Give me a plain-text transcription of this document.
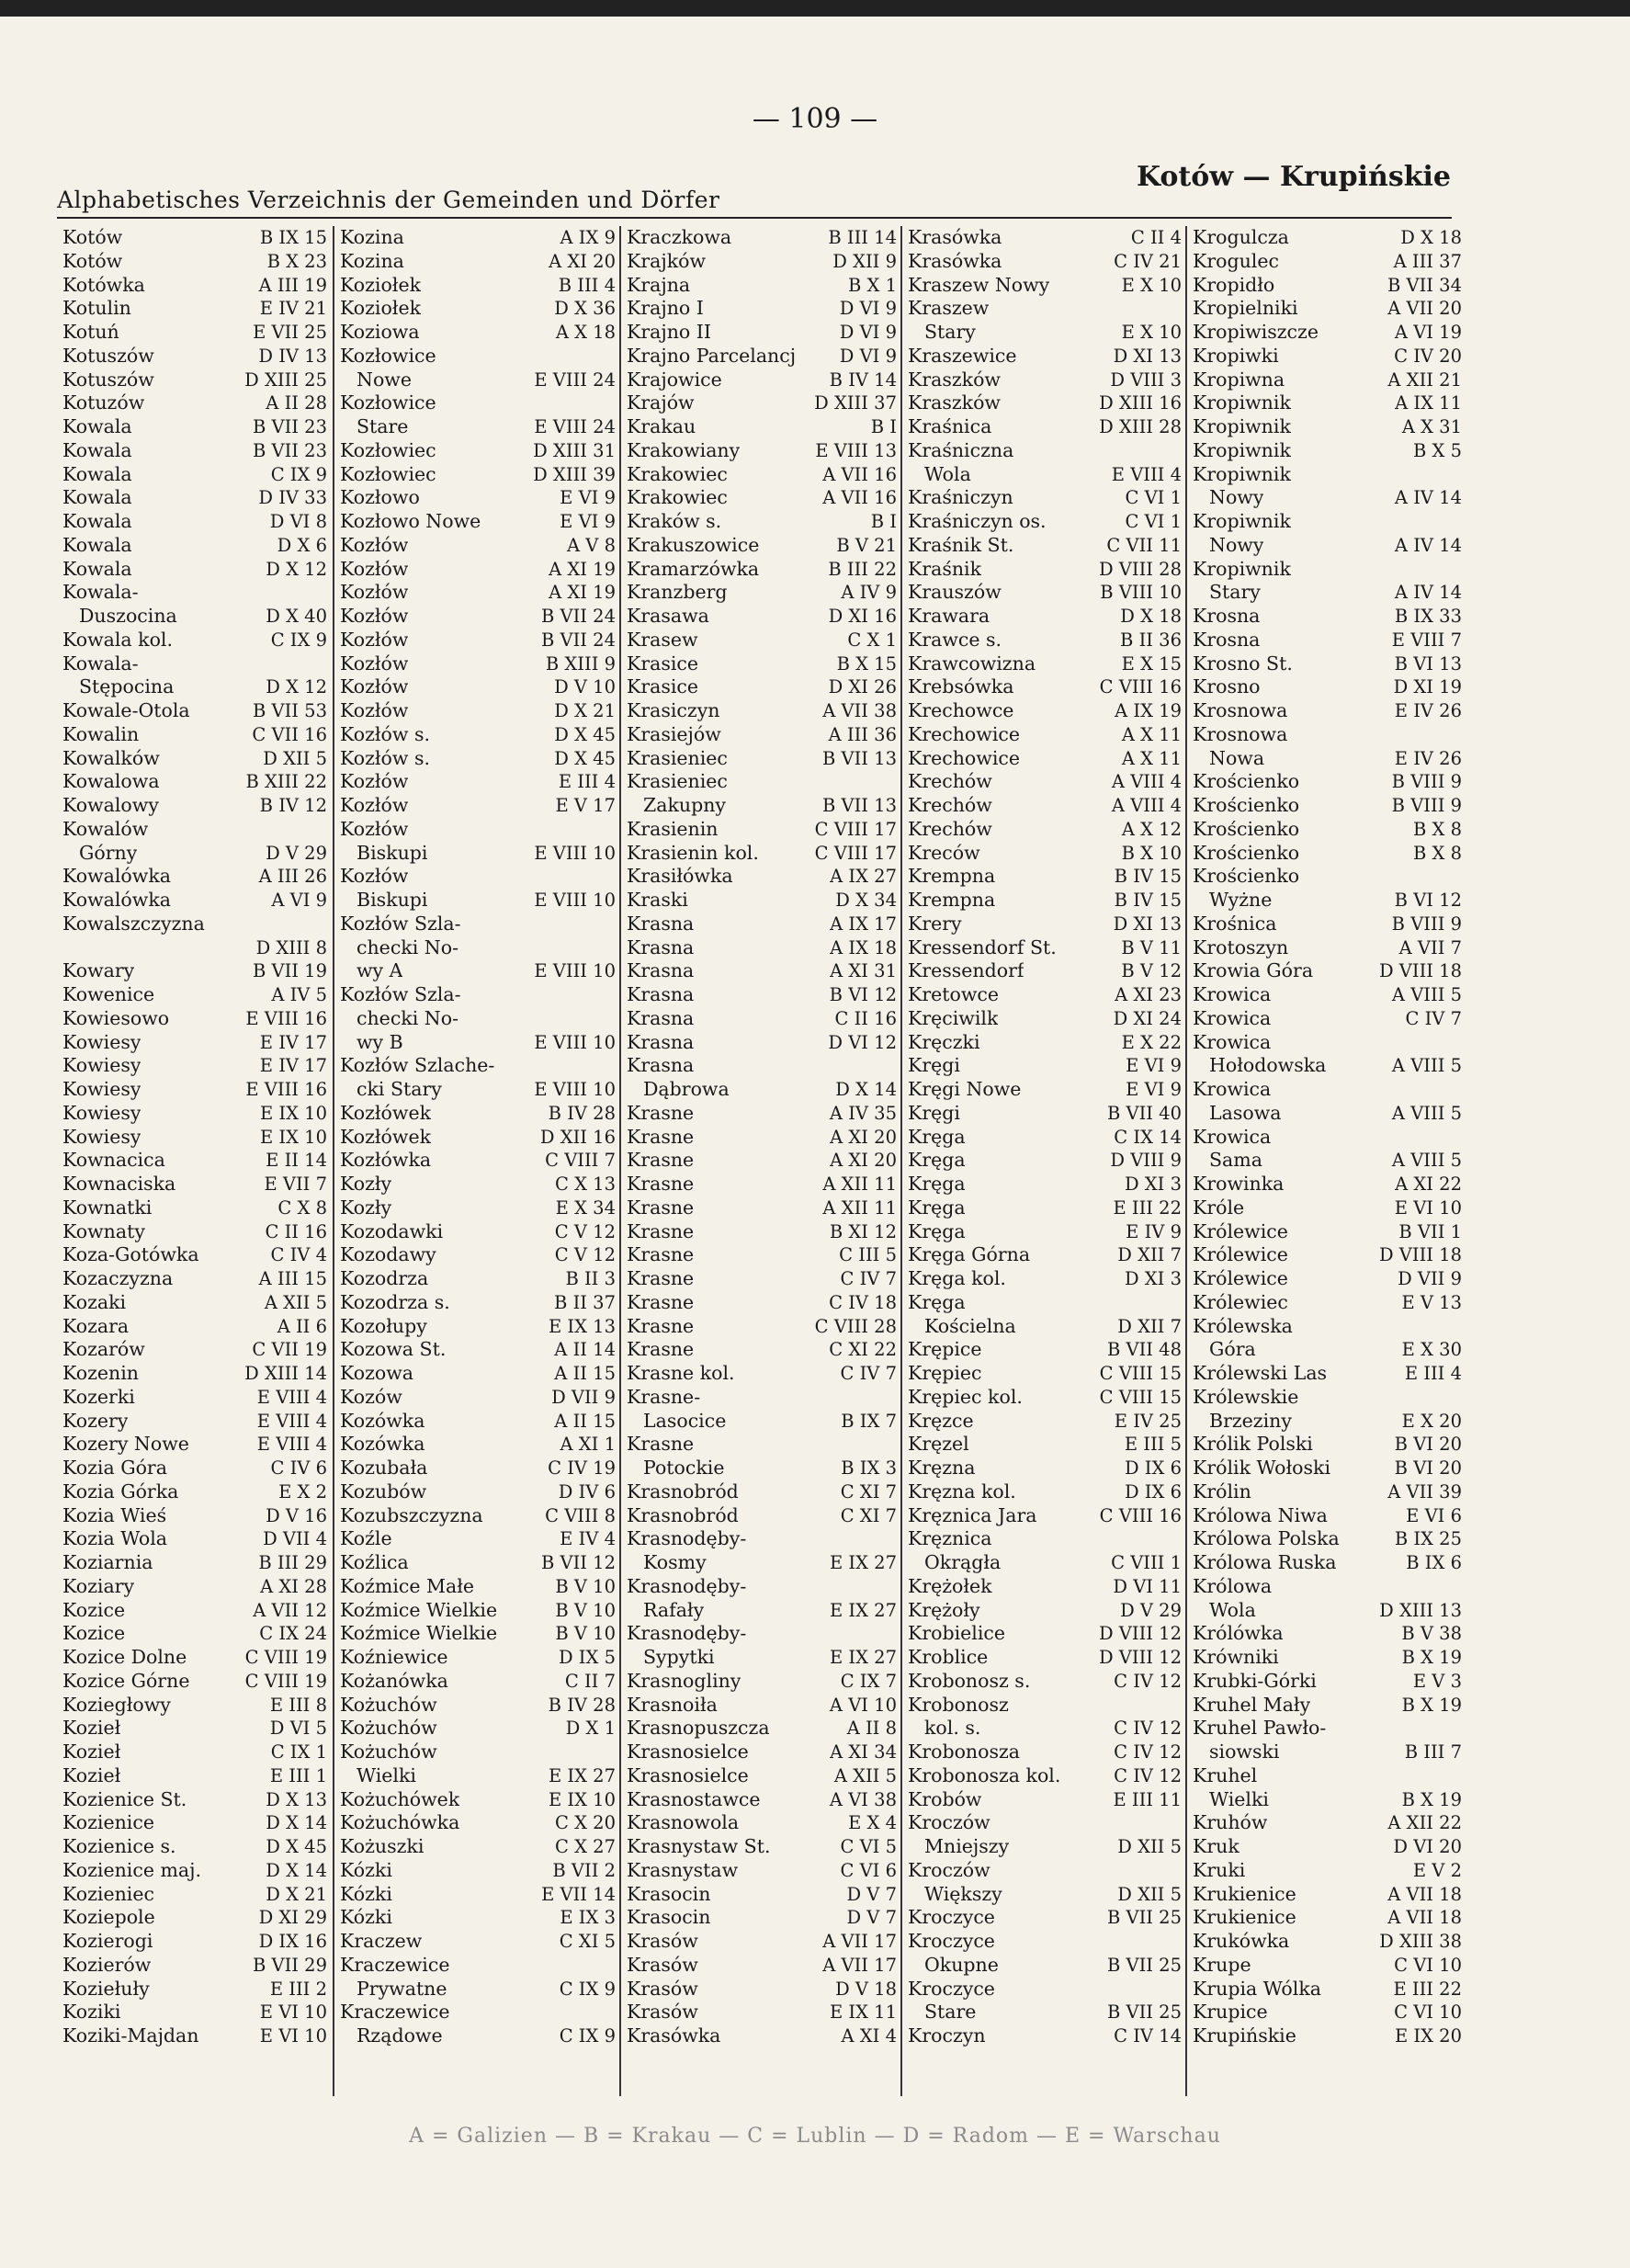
— 109 —
Alphabetisches Verzeichnis der Gemeinden und Dörfer
Kotów — Krupińskie
Kotów	B IX 15
Kotów	B X 23
Kotówka	A III 19
Kotulin	E IV 21
Kotuń	E VII 25
Kotuszów	D IV 13
Kotuszów	D XIII 25
Kotuzów	A II 28
Kowala	B VII 23
Kowala	B VII 23
Kowala	C IX 9
Kowala	D IV 33
Kowala	D VI 8
Kowala	D X 6
Kowala	D X 12
Kowala-
Duszocina	D X 40
Kowala kol.	C IX 9
Kowala-
Stępocina	D X 12
Kowale-Otola	B VII 53
Kowalin	C VII 16
Kowalków	D XII 5
Kowalowa	B XIII 22
Kowalowy	B IV 12
Kowalów
Górny	D V 29
Kowalówka	A III 26
Kowalówka	A VI 9
Kowalszczyzna
D XIII 8
Kowary	B VII 19
Kowenice	A IV 5
Kowiesowo	E VIII 16
Kowiesy	E IV 17
Kowiesy	E IV 17
Kowiesy	E VIII 16
Kowiesy	E IX 10
Kowiesy	E IX 10
Kownacica	E II 14
Kownaciska	E VII 7
Kownatki	C X 8
Kownaty	C II 16
Koza-Gotówka	C IV 4
Kozaczyzna	A III 15
Kozaki	A XII 5
Kozara	A II 6
Kozarów	C VII 19
Kozenin	D XIII 14
Kozerki	E VIII 4
Kozery	E VIII 4
Kozery Nowe	E VIII 4
Kozia Góra	C IV 6
Kozia Górka	E X 2
Kozia Wieś	D V 16
Kozia Wola	D VII 4
Koziarnia	B III 29
Koziary	A XI 28
Kozice	A VII 12
Kozice	C IX 24
Kozice Dolne	C VIII 19
Kozice Górne	C VIII 19
Koziegłowy	E III 8
Kozieł	D VI 5
Kozieł	C IX 1
Kozieł	E III 1
Kozienice St.	D X 13
Kozienice	D X 14
Kozienice s.	D X 45
Kozienice maj.	D X 14
Kozieniec	D X 21
Koziepole	D XI 29
Kozierogi	D IX 16
Kozierów	B VII 29
Koziełuły	E III 2
Koziki	E VI 10
Koziki-Majdan	E VI 10
Kozina	A IX 9
Kozina	A XI 20
Koziołek	B III 4
Koziołek	D X 36
Koziowa	A X 18
Kozłowice
Nowe	E VIII 24
Kozłowice
Stare	E VIII 24
Kozłowiec	D XIII 31
Kozłowiec	D XIII 39
Kozłowo	E VI 9
Kozłowo Nowe	E VI 9
Kozłów	A V 8
Kozłów	A XI 19
Kozłów	A XI 19
Kozłów	B VII 24
Kozłów	B VII 24
Kozłów	B XIII 9
Kozłów	D V 10
Kozłów	D X 21
Kozłów s.	D X 45
Kozłów s.	D X 45
Kozłów	E III 4
Kozłów	E V 17
Kozłów
Biskupi	E VIII 10
Kozłów
Biskupi	E VIII 10
Kozłów Szla-
checki No-
wy A	E VIII 10
Kozłów Szla-
checki No-
wy B	E VIII 10
Kozłów Szlache-
cki Stary	E VIII 10
Kozłówek	B IV 28
Kozłówek	D XII 16
Kozłówka	C VIII 7
Kozły	C X 13
Kozły	E X 34
Kozodawki	C V 12
Kozodawy	C V 12
Kozodrza	B II 3
Kozodrza s.	B II 37
Kozołupy	E IX 13
Kozowa St.	A II 14
Kozowa	A II 15
Kozów	D VII 9
Kozówka	A II 15
Kozówka	A XI 1
Kozubała	C IV 19
Kozubów	D IV 6
Kozubszczyzna	C VIII 8
Koźle	E IV 4
Koźlica	B VII 12
Koźmice Małe	B V 10
Koźmice Wielkie	B V 10
Koźmice Wielkie	B V 10
Koźniewice	D IX 5
Kożanówka	C II 7
Kożuchów	B IV 28
Kożuchów	D X 1
Kożuchów
Wielki	E IX 27
Kożuchówek	E IX 10
Kożuchówka	C X 20
Kożuszki	C X 27
Kózki	B VII 2
Kózki	E VII 14
Kózki	E IX 3
Kraczew	C XI 5
Kraczewice
Prywatne	C IX 9
Kraczewice
Rządowe	C IX 9
Kraczkowa	B III 14
Krajków	D XII 9
Krajna	B X 1
Krajno I	D VI 9
Krajno II	D VI 9
Krajno Parcelancj D VI 9
Krajowice	B IV 14
Krajów	D XIII 37
Krakau	B I
Krakowiany	E VIII 13
Krakowiec	A VII 16
Krakowiec	A VII 16
Kraków s.	B I
Krakuszowice	B V 21
Kramarzówka	B III 22
Kranzberg	A IV 9
Krasawa	D XI 16
Krasew	C X 1
Krasice	B X 15
Krasice	D XI 26
Krasiczyn	A VII 38
Krasiejów	A III 36
Krasieniec	B VII 13
Krasieniec
Zakupny	B VII 13
Krasienin	C VIII 17
Krasienin kol.	C VIII 17
Krasiłówka	A IX 27
Kraski	D X 34
Krasna	A IX 17
Krasna	A IX 18
Krasna	A XI 31
Krasna	B VI 12
Krasna	C II 16
Krasna	D VI 12
Krasna
Dąbrowa	D X 14
Krasne	A IV 35
Krasne	A XI 20
Krasne	A XI 20
Krasne	A XII 11
Krasne	A XII 11
Krasne	B XI 12
Krasne	C III 5
Krasne	C IV 7
Krasne	C IV 18
Krasne	C VIII 28
Krasne	C XI 22
Krasne kol.	C IV 7
Krasne-
Lasocice	B IX 7
Krasne
Potockie	B IX 3
Krasnobród	C XI 7
Krasnobród	C XI 7
Krasnodęby-
Kosmy	E IX 27
Krasnodęby-
Rafały	E IX 27
Krasnodęby-
Sypytki	E IX 27
Krasnogliny	C IX 7
Krasnoiła	A VI 10
Krasnopuszcza	A II 8
Krasnosielce	A XI 34
Krasnosielce	A XII 5
Krasnostawce	A VI 38
Krasnowola	E X 4
Krasnystaw St.	C VI 5
Krasnystaw	C VI 6
Krasocin	D V 7
Krasocin	D V 7
Krasów	A VII 17
Krasów	A VII 17
Krasów	D V 18
Krasów	E IX 11
Krasówka	A XI 4
Krasówka	C II 4
Krasówka	C IV 21
Kraszew Nowy	E X 10
Kraszew
Stary	E X 10
Kraszewice	D XI 13
Kraszków	D VIII 3
Kraszków	D XIII 16
Kraśnica	D XIII 28
Kraśniczna
Wola	E VIII 4
Kraśniczyn	C VI 1
Kraśniczyn os.	C VI 1
Kraśnik St.	C VII 11
Kraśnik	D VIII 28
Krauszów	B VIII 10
Krawara	D X 18
Krawce s.	B II 36
Krawcowizna	E X 15
Krebsówka	C VIII 16
Krechowce	A IX 19
Krechowice	A X 11
Krechowice	A X 11
Krechów	A VIII 4
Krechów	A VIII 4
Krechów	A X 12
Kreców	B X 10
Krempna	B IV 15
Krempna	B IV 15
Krery	D XI 13
Kressendorf St.	B V 11
Kressendorf	B V 12
Kretowce	A XI 23
Kręciwilk	D XI 24
Kręczki	E X 22
Kręgi	E VI 9
Kręgi Nowe	E VI 9
Kręgi	B VII 40
Kręga	C IX 14
Kręga	D VIII 9
Kręga	D XI 3
Kręga	E III 22
Kręga	E IV 9
Kręga Górna	D XII 7
Kręga kol.	D XI 3
Kręga
Kościelna	D XII 7
Krępice	B VII 48
Krępiec	C VIII 15
Krępiec kol.	C VIII 15
Kręzce	E IV 25
Kręzel	E III 5
Kręzna	D IX 6
Kręzna kol.	D IX 6
Kręznica Jara	C VIII 16
Kręznica
Okrągła	C VIII 1
Krężołek	D VI 11
Krężoły	D V 29
Krobielice	D VIII 12
Kroblice	D VIII 12
Krobonosz s.	C IV 12
Krobonosz
kol. s.	C IV 12
Krobonosza	C IV 12
Krobonosza kol.	C IV 12
Krobów	E III 11
Kroczów
Mniejszy	D XII 5
Kroczów
Większy	D XII 5
Kroczyce	B VII 25
Kroczyce
Okupne	B VII 25
Kroczyce
Stare	B VII 25
Kroczyn	C IV 14
Krogulcza	D X 18
Krogulec	A III 37
Kropidło	B VII 34
Kropielniki	A VII 20
Kropiwiszcze	A VI 19
Kropiwki	C IV 20
Kropiwna	A XII 21
Kropiwnik	A IX 11
Kropiwnik	A X 31
Kropiwnik	B X 5
Kropiwnik
Nowy	A IV 14
Kropiwnik
Nowy	A IV 14
Kropiwnik
Stary	A IV 14
Krosna	B IX 33
Krosna	E VIII 7
Krosno St.	B VI 13
Krosno	D XI 19
Krosnowa	E IV 26
Krosnowa
Nowa	E IV 26
Krościenko	B VIII 9
Krościenko	B VIII 9
Krościenko	B X 8
Krościenko	B X 8
Krościenko
Wyżne	B VI 12
Krośnica	B VIII 9
Krotoszyn	A VII 7
Krowia Góra	D VIII 18
Krowica	A VIII 5
Krowica	C IV 7
Krowica
Hołodowska	A VIII 5
Krowica
Lasowa	A VIII 5
Krowica
Sama	A VIII 5
Krowinka	A XI 22
Króle	E VI 10
Królewice	B VII 1
Królewice	D VIII 18
Królewice	D VII 9
Królewiec	E V 13
Królewska
Góra	E X 30
Królewski Las	E III 4
Królewskie
Brzeziny	E X 20
Królik Polski	B VI 20
Królik Wołoski	B VI 20
Królin	A VII 39
Królowa Niwa	E VI 6
Królowa Polska	B IX 25
Królowa Ruska	B IX 6
Królowa
Wola	D XIII 13
Królówka	B V 38
Krówniki	B X 19
Krubki-Górki	E V 3
Kruhel Mały	B X 19
Kruhel Pawło-
siowski	B III 7
Kruhel
Wielki	B X 19
Kruhów	A XII 22
Kruk	D VI 20
Kruki	E V 2
Krukienice	A VII 18
Krukienice	A VII 18
Krukówka	D XIII 38
Krupe	C VI 10
Krupia Wólka	E III 22
Krupice	C VI 10
Krupińskie	E IX 20
A = Galizien — B = Krakau — C = Lublin — D = Radom — E = Warschau
